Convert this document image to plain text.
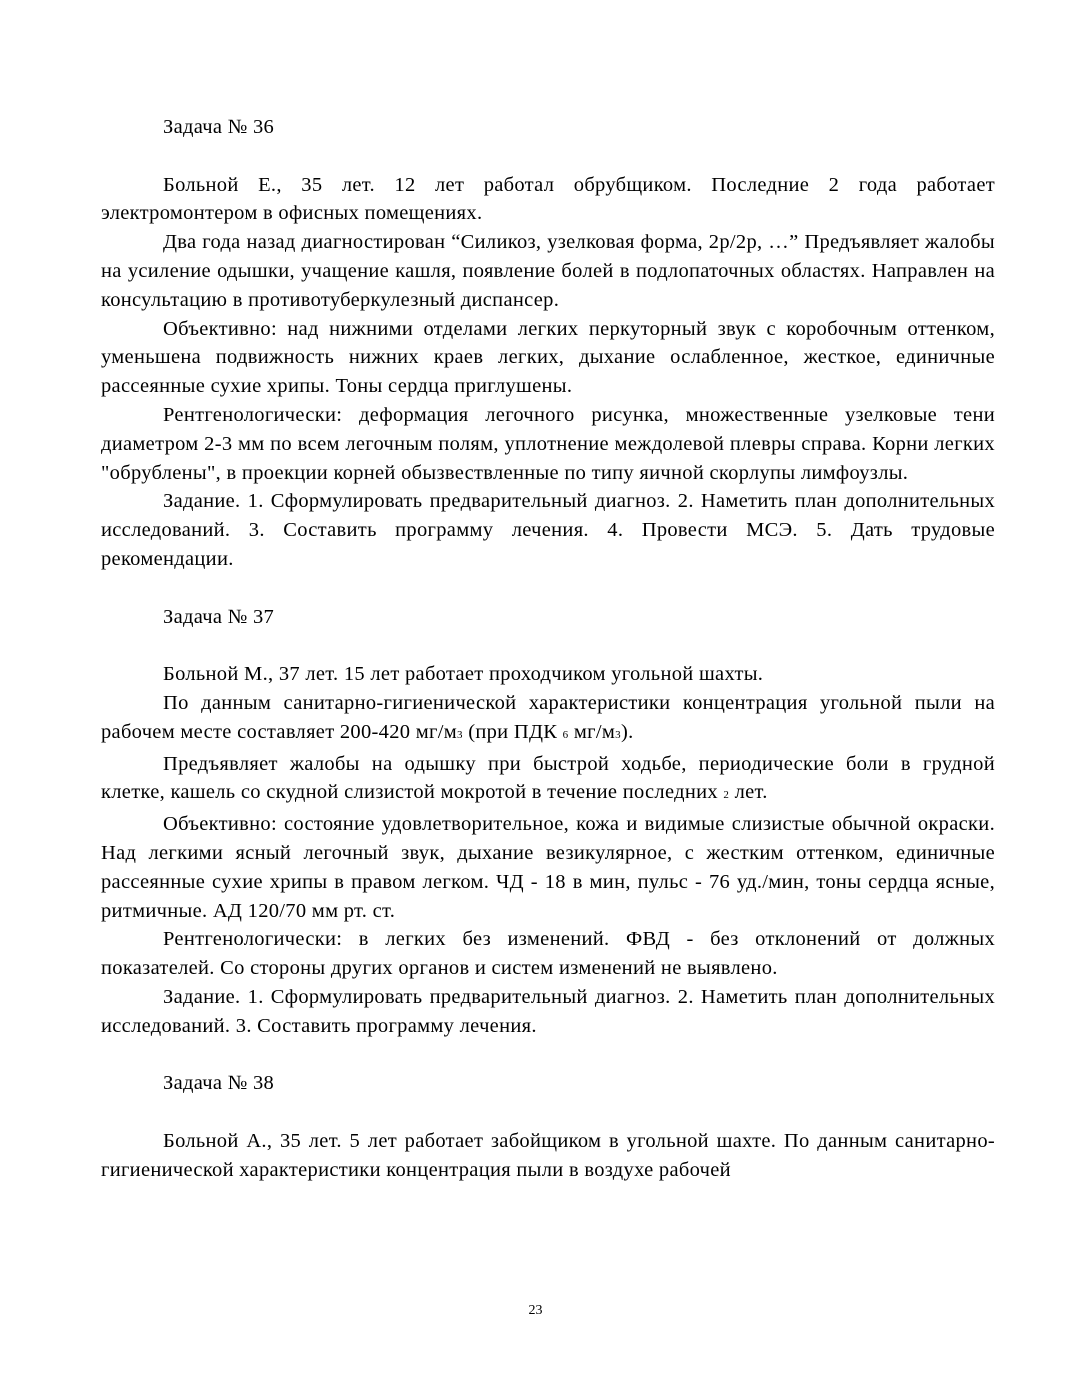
Задача № 36

Больной Е., 35 лет. 12 лет работал обрубщиком. Последние 2 года работает электромонтером в офисных помещениях.

Два года назад диагностирован “Силикоз, узелковая форма, 2р/2р, …” Предъявляет жалобы на усиление одышки, учащение кашля, появление болей в подлопаточных областях. Направлен на консультацию в противотуберкулезный диспансер.

Объективно: над нижними отделами легких перкуторный звук с коробочным оттенком, уменьшена подвижность нижних краев легких, дыхание ослабленное, жесткое, единичные рассеянные сухие хрипы. Тоны сердца приглушены.

Рентгенологически: деформация легочного рисунка, множественные узелковые тени диаметром 2-3 мм по всем легочным полям, уплотнение междолевой плевры справа. Корни легких "обрублены", в проекции корней обызвествленные по типу яичной скорлупы лимфоузлы.

Задание. 1. Сформулировать предварительный диагноз. 2. Наметить план дополнительных исследований. 3. Составить программу лечения. 4. Провести МСЭ. 5. Дать трудовые рекомендации.

Задача № 37

Больной М., 37 лет. 15 лет работает проходчиком угольной шахты.

По данным санитарно-гигиенической характеристики концентрация угольной пыли на рабочем месте составляет 200-420 мг/м3 (при ПДК 6 мг/м3).

Предъявляет жалобы на одышку при быстрой ходьбе, периодические боли в грудной клетке, кашель со скудной слизистой мокротой в течение последних 2 лет.

Объективно: состояние удовлетворительное, кожа и видимые слизистые обычной окраски. Над легкими ясный легочный звук, дыхание везикулярное, с жестким оттенком, единичные рассеянные сухие хрипы в правом легком. ЧД - 18 в мин, пульс - 76 уд./мин, тоны сердца ясные, ритмичные. АД 120/70 мм рт. ст.

Рентгенологически: в легких без изменений. ФВД - без отклонений от должных показателей. Со стороны других органов и систем изменений не выявлено.

Задание. 1. Сформулировать предварительный диагноз. 2. Наметить план дополнительных исследований. 3. Составить программу лечения.

Задача № 38

Больной А., 35 лет. 5 лет работает забойщиком в угольной шахте. По данным санитарно-гигиенической характеристики концентрация пыли в воздухе рабочей

23
